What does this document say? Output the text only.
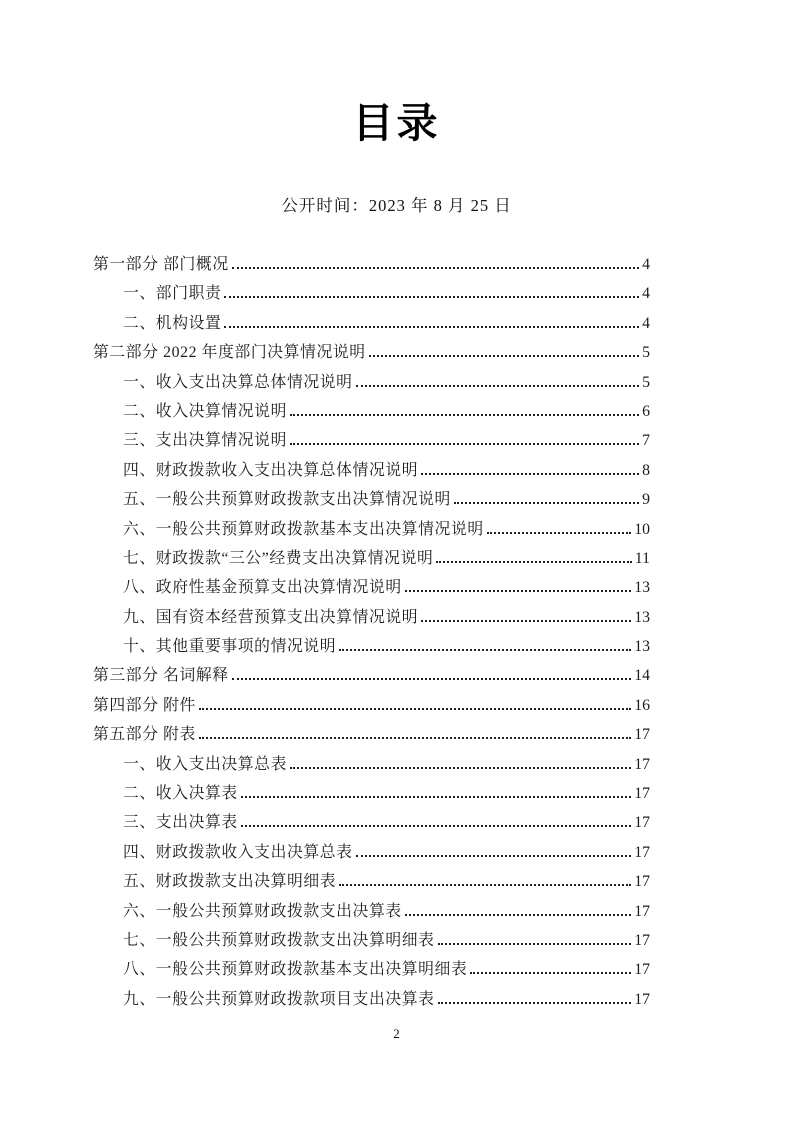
目录
公开时间：2023 年 8 月 25 日
第一部分 部门概况	4
一、部门职责	4
二、机构设置	4
第二部分 2022 年度部门决算情况说明	5
一、收入支出决算总体情况说明	5
二、收入决算情况说明	6
三、支出决算情况说明	7
四、财政拨款收入支出决算总体情况说明	8
五、一般公共预算财政拨款支出决算情况说明	9
六、一般公共预算财政拨款基本支出决算情况说明	10
七、财政拨款“三公”经费支出决算情况说明	11
八、政府性基金预算支出决算情况说明	13
九、国有资本经营预算支出决算情况说明	13
十、其他重要事项的情况说明	13
第三部分 名词解释	14
第四部分 附件	16
第五部分 附表	17
一、收入支出决算总表	17
二、收入决算表	17
三、支出决算表	17
四、财政拨款收入支出决算总表	17
五、财政拨款支出决算明细表	17
六、一般公共预算财政拨款支出决算表	17
七、一般公共预算财政拨款支出决算明细表	17
八、一般公共预算财政拨款基本支出决算明细表	17
九、一般公共预算财政拨款项目支出决算表	17
2
